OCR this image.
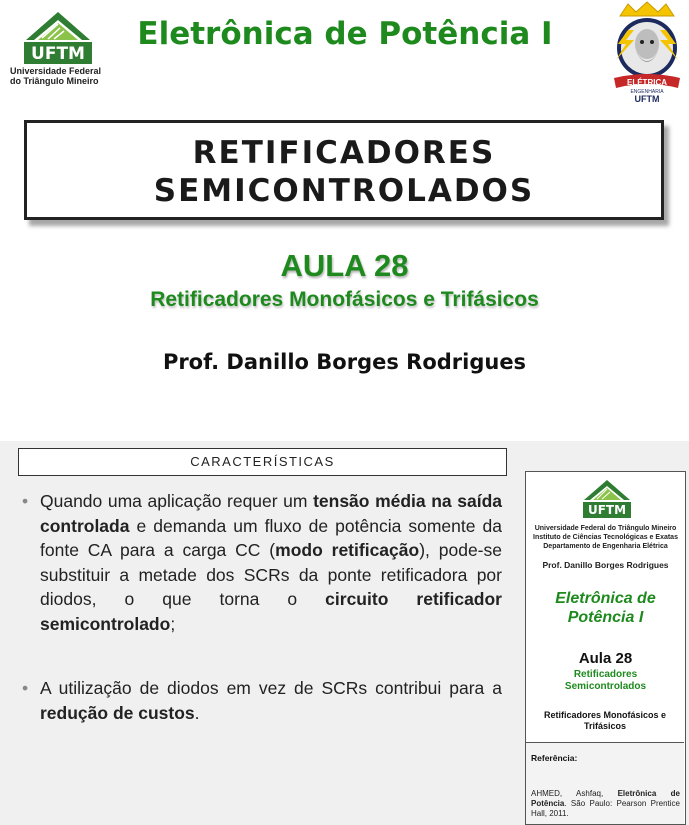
UFTM
Universidade Federal
do Triângulo Mineiro
Eletrônica de Potência I
ELÉTRICA
ENGENHARIA
UFTM
RETIFICADORES
SEMICONTROLADOS
AULA 28
Retificadores Monofásicos e Trifásicos
Prof. Danillo Borges Rodrigues
CARACTERÍSTICAS
• Quando uma aplicação requer um tensão média na saída controlada e demanda um fluxo de potência somente da fonte CA para a carga CC (modo retificação), pode-se substituir a metade dos SCRs da ponte retificadora por diodos, o que torna o circuito retificador semicontrolado;
• A utilização de diodos em vez de SCRs contribui para a redução de custos.
UFTM
Universidade Federal do Triângulo Mineiro
Instituto de Ciências Tecnológicas e Exatas
Departamento de Engenharia Elétrica
Prof. Danillo Borges Rodrigues
Eletrônica de
Potência I
Aula 28
Retificadores
Semicontrolados
Retificadores Monofásicos e
Trifásicos
Referência:
AHMED, Ashfaq, Eletrônica de Potência. São Paulo: Pearson Prentice Hall, 2011.
